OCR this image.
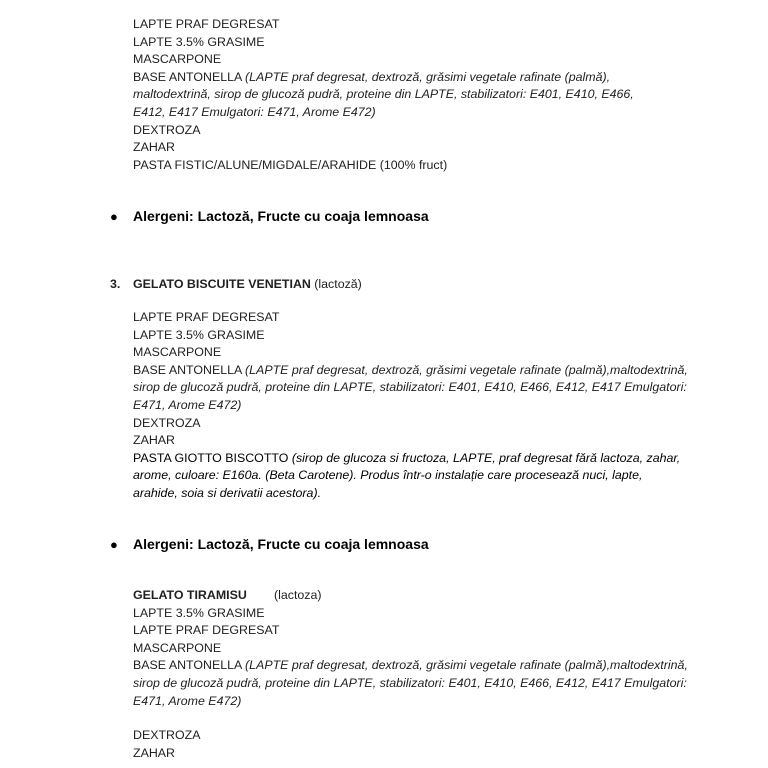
LAPTE PRAF DEGRESAT
LAPTE 3.5% GRASIME
MASCARPONE
BASE ANTONELLA (LAPTE praf degresat, dextroză, grăsimi vegetale rafinate (palmă), maltodextrină, sirop de glucoză pudră, proteine din LAPTE, stabilizatori: E401, E410, E466, E412, E417 Emulgatori: E471, Arome E472)
DEXTROZA
ZAHAR
PASTA FISTIC/ALUNE/MIGDALE/ARAHIDE (100% fruct)
● Alergeni: Lactoză, Fructe cu coaja lemnoasa
3. GELATO BISCUITE VENETIAN (lactoză)
LAPTE PRAF DEGRESAT
LAPTE 3.5% GRASIME
MASCARPONE
BASE ANTONELLA (LAPTE praf degresat, dextroză, grăsimi vegetale rafinate (palmă),maltodextrină, sirop de glucoză pudră, proteine din LAPTE, stabilizatori: E401, E410, E466, E412, E417 Emulgatori: E471, Arome E472)
DEXTROZA
ZAHAR
PASTA GIOTTO BISCOTTO (sirop de glucoza si fructoza, LAPTE, praf degresat fără lactoza, zahar, arome, culoare: E160a. (Beta Carotene). Produs într-o instalație care procesează nuci, lapte, arahide, soia si derivatii acestora).
● Alergeni: Lactoză, Fructe cu coaja lemnoasa
GELATO TIRAMISU (lactoza)
LAPTE 3.5% GRASIME
LAPTE PRAF DEGRESAT
MASCARPONE
BASE ANTONELLA (LAPTE praf degresat, dextroză, grăsimi vegetale rafinate (palmă),maltodextrină, sirop de glucoză pudră, proteine din LAPTE, stabilizatori: E401, E410, E466, E412, E417 Emulgatori: E471, Arome E472)
DEXTROZA
ZAHAR
